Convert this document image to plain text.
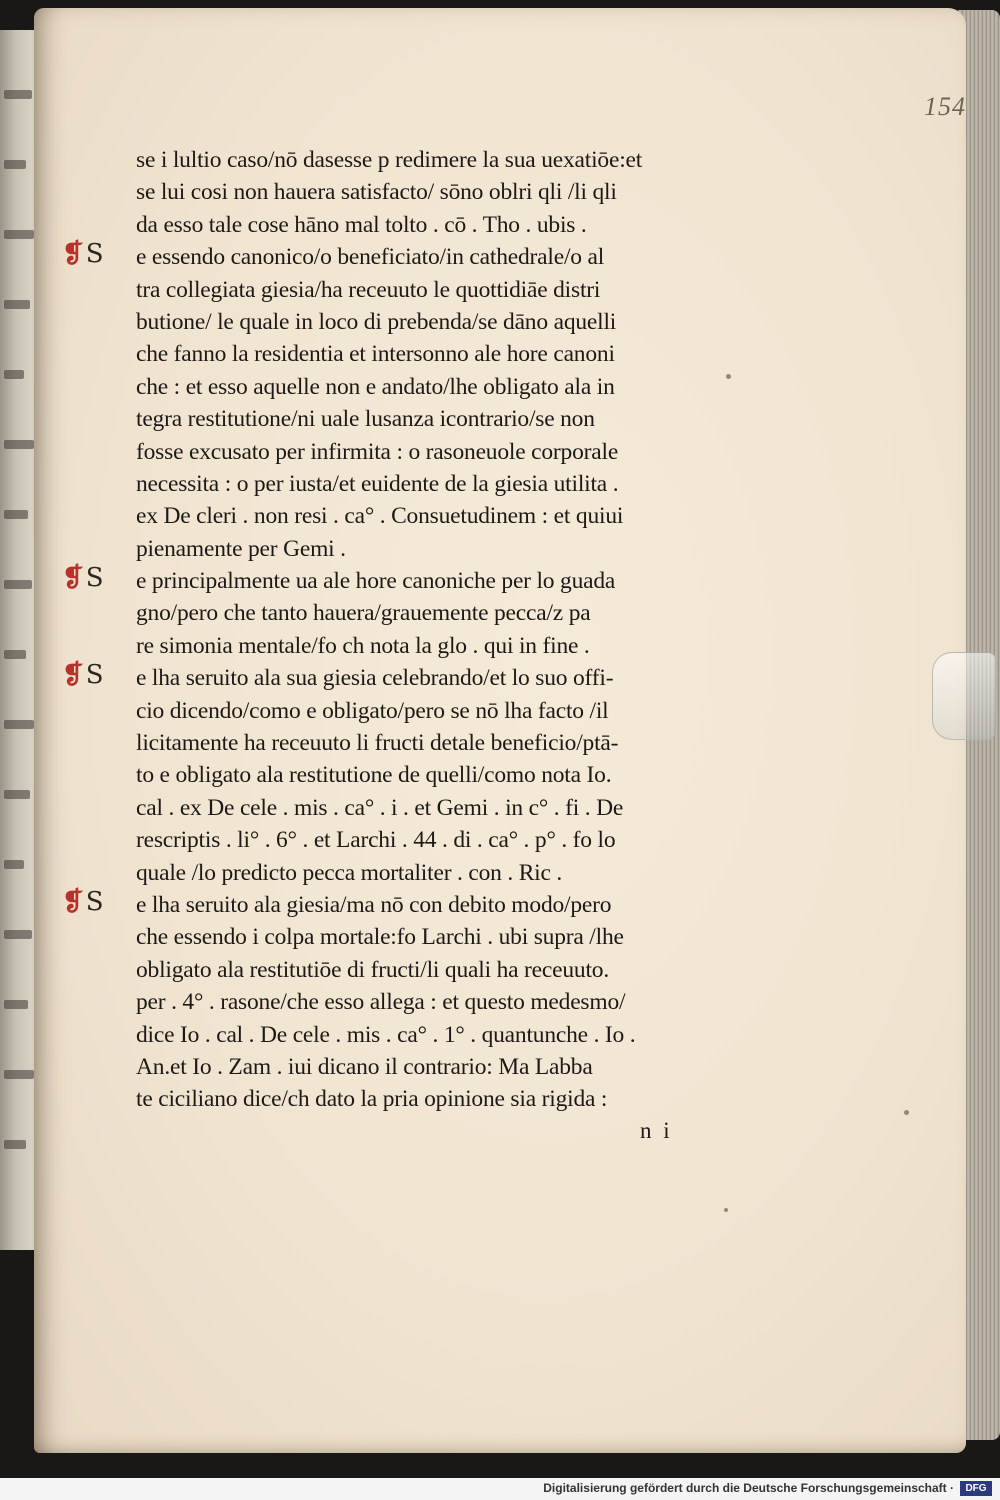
154
se i lultio caso/nō dasesse p redimere la sua uexatiōe:et
se lui cosi non hauera satisfacto/ sōno oblri qli /li qli
da esso tale cose hāno mal tolto . cō . Tho . ubis .
e essendo canonico/o beneficiato/in cathedrale/o al
tra collegiata giesia/ha receuuto le quottidiāe distri
butione/ le quale in loco di prebenda/se dāno aquelli
che fanno la residentia et intersonno ale hore canoni
che : et esso aquelle non e andato/lhe obligato ala in
tegra restitutione/ni uale lusanza icontrario/se non
fosse excusato per infirmita : o rasoneuole corporale
necessita : o per iusta/et euidente de la giesia utilita .
ex De cleri . non resi . ca° . Consuetudinem : et quiui
pienamente per Gemi .
e principalmente ua ale hore canoniche per lo guada
gno/pero che tanto hauera/grauemente pecca/z pa
re simonia mentale/fo ch nota la glo . qui in fine .
e lha seruito ala sua giesia celebrando/et lo suo offi-
cio dicendo/como e obligato/pero se nō lha facto /il
licitamente ha receuuto li fructi detale beneficio/ptā-
to e obligato ala restitutione de quelli/como nota Io.
cal . ex De cele . mis . ca° . i . et Gemi . in c° . fi . De
rescriptis . li° . 6° . et Larchi . 44 . di . ca° . p° . fo lo
quale /lo predicto pecca mortaliter . con . Ric .
e lha seruito ala giesia/ma nō con debito modo/pero
che essendo i colpa mortale:fo Larchi . ubi supra /lhe
obligato ala restitutiōe di fructi/li quali ha receuuto.
per . 4° . rasone/che esso allega : et questo medesmo/
dice Io . cal . De cele . mis . ca° . 1° . quantunche . Io .
An.et Io . Zam . iui dicano il contrario: Ma Labba
te ciciliano dice/ch dato la pria opinione sia rigida :
❡S
❡S
❡S
❡S
n i
Digitalisierung gefördert durch die Deutsche Forschungsgemeinschaft ·	DFG
